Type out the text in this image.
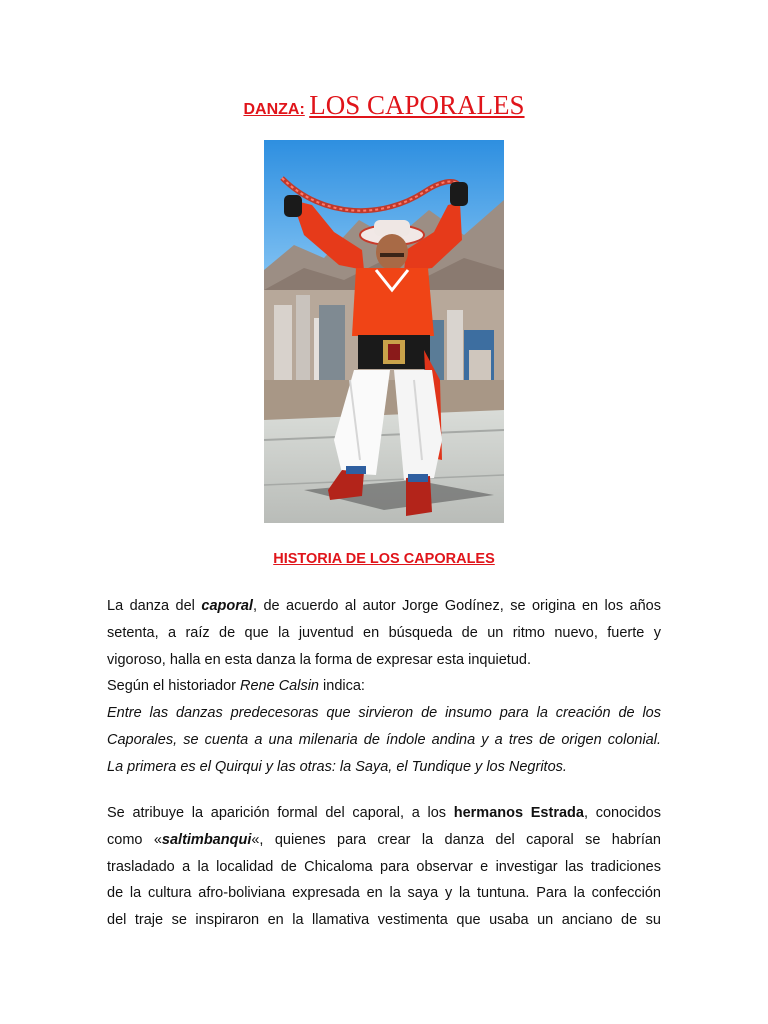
DANZA: LOS CAPORALES
HISTORIA DE LOS CAPORALES
La danza del caporal, de acuerdo al autor Jorge Godínez, se origina en los años
setenta, a raíz de que la juventud en búsqueda de un ritmo nuevo, fuerte y
vigoroso, halla en esta danza la forma de expresar esta inquietud.
Según el historiador Rene Calsin indica:
Entre las danzas predecesoras que sirvieron de insumo para la creación de los
Caporales, se cuenta a una milenaria de índole andina y a tres de origen colonial.
La primera es el Quirqui y las otras: la Saya, el Tundique y los Negritos.
Se atribuye la aparición formal del caporal, a los hermanos Estrada, conocidos
como «saltimbanqui«, quienes para crear la danza del caporal se habrían
trasladado a la localidad de Chicaloma para observar e investigar las tradiciones
de la cultura afro-boliviana expresada en la saya y la tuntuna. Para la confección
del traje se inspiraron en la llamativa vestimenta que usaba un anciano de su
